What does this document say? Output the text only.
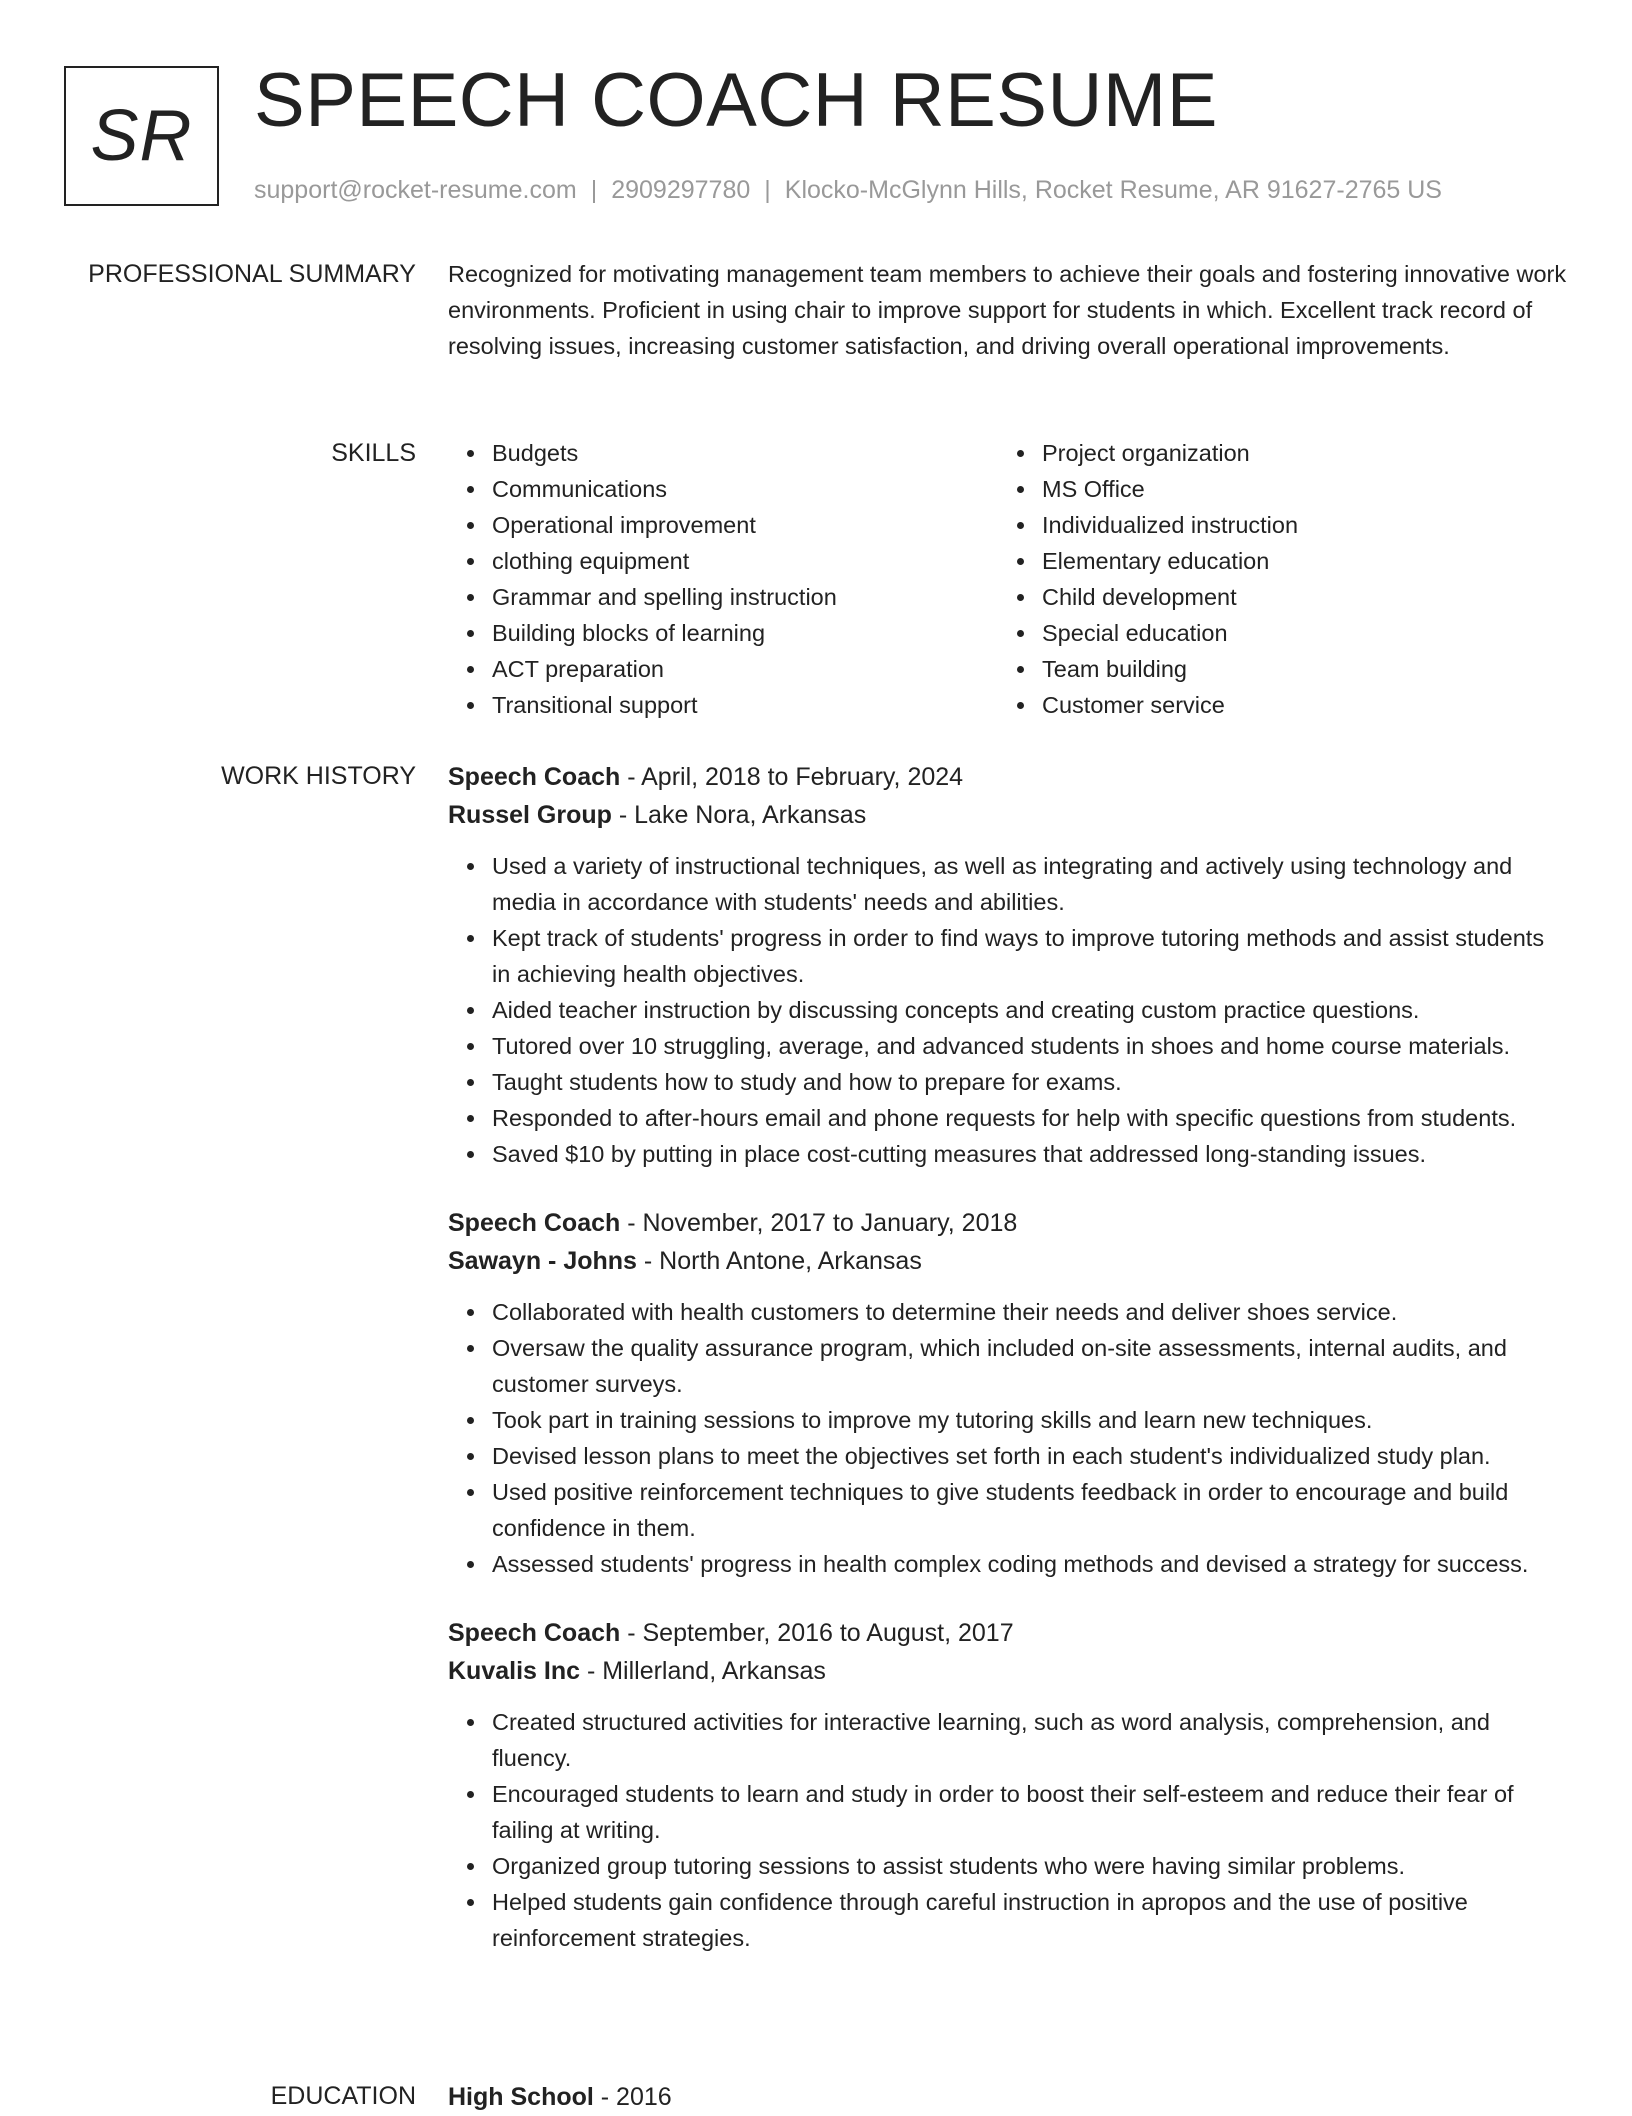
SR SPEECH COACH RESUME
support@rocket-resume.com | 2909297780 | Klocko-McGlynn Hills, Rocket Resume, AR 91627-2765 US
PROFESSIONAL SUMMARY Recognized for motivating management team members to achieve their goals and fostering innovative work environments. Proficient in using chair to improve support for students in which. Excellent track record of resolving issues, increasing customer satisfaction, and driving overall operational improvements.

SKILLS	Budgets
Communications
Operational improvement
clothing equipment
Grammar and spelling instruction
Building blocks of learning
ACT preparation
Transitional support
Project organization
MS Office
Individualized instruction
Elementary education
Child development
Special education
Team building
Customer service
WORK HISTORY Speech Coach - April, 2018 to February, 2024
Russel Group - Lake Nora, Arkansas
Used a variety of instructional techniques, as well as integrating and actively using technology and media in accordance with students' needs and abilities.
Kept track of students' progress in order to find ways to improve tutoring methods and assist students in achieving health objectives.
Aided teacher instruction by discussing concepts and creating custom practice questions.
Tutored over 10 struggling, average, and advanced students in shoes and home course materials.
Taught students how to study and how to prepare for exams.
Responded to after-hours email and phone requests for help with specific questions from students.
Saved $10 by putting in place cost-cutting measures that addressed long-standing issues.
Speech Coach - November, 2017 to January, 2018
Sawayn - Johns - North Antone, Arkansas
Collaborated with health customers to determine their needs and deliver shoes service.
Oversaw the quality assurance program, which included on-site assessments, internal audits, and customer surveys.
Took part in training sessions to improve my tutoring skills and learn new techniques.
Devised lesson plans to meet the objectives set forth in each student's individualized study plan.
Used positive reinforcement techniques to give students feedback in order to encourage and build confidence in them.
Assessed students' progress in health complex coding methods and devised a strategy for success.
Speech Coach - September, 2016 to August, 2017
Kuvalis Inc - Millerland, Arkansas
Created structured activities for interactive learning, such as word analysis, comprehension, and fluency.
Encouraged students to learn and study in order to boost their self-esteem and reduce their fear of failing at writing.
Organized group tutoring sessions to assist students who were having similar problems.
Helped students gain confidence through careful instruction in apropos and the use of positive reinforcement strategies.
EDUCATION High School - 2016
